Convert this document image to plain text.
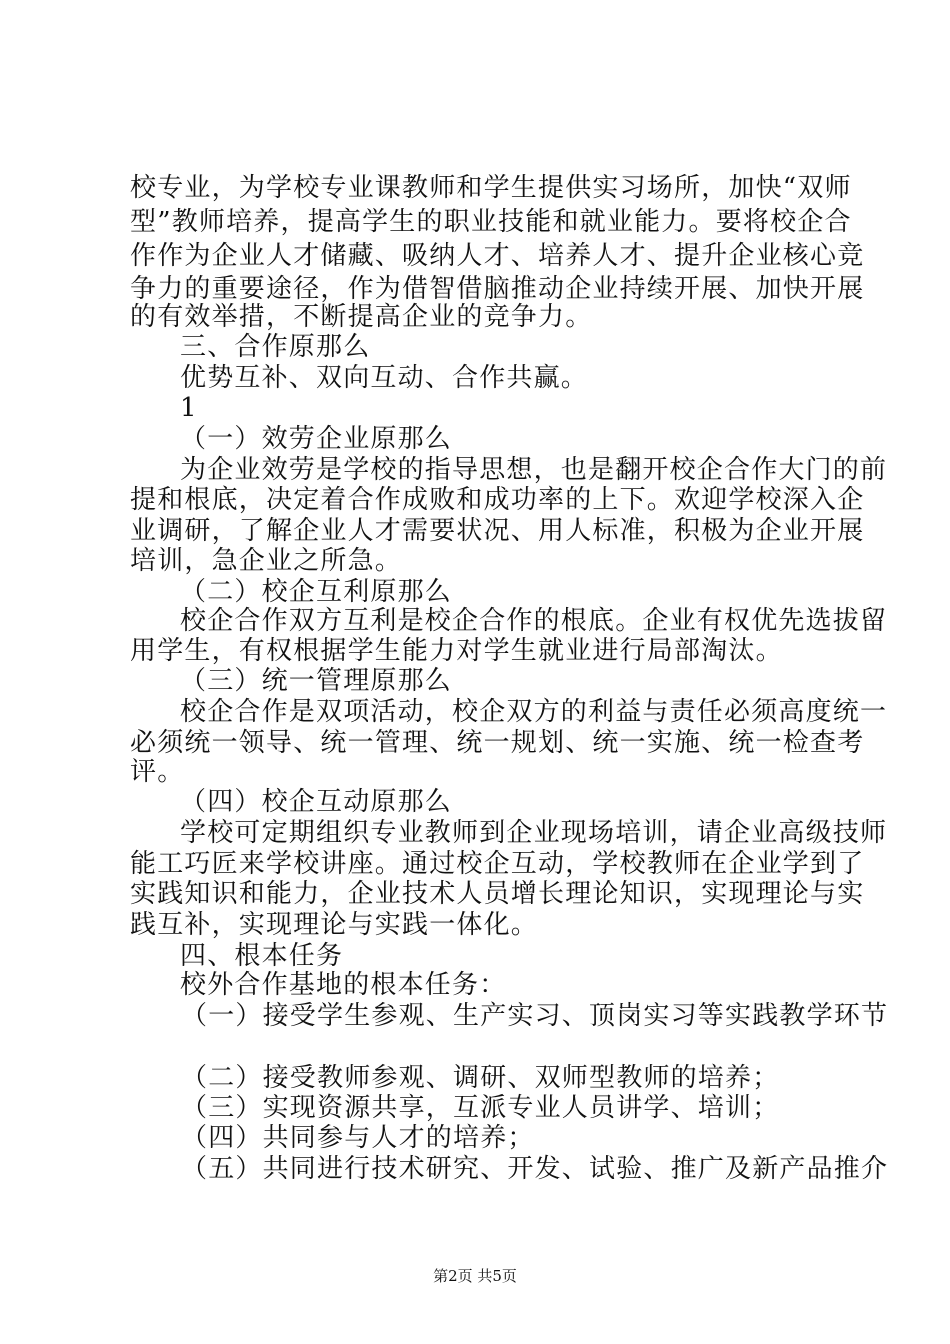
校专业，为学校专业课教师和学生提供实习场所，加快“双师
型”教师培养，提高学生的职业技能和就业能力。要将校企合
作作为企业人才储藏、吸纳人才、培养人才、提升企业核心竞
争力的重要途径，作为借智借脑推动企业持续开展、加快开展
的有效举措，不断提高企业的竞争力。
三、合作原那么
优势互补、双向互动、合作共赢。
1
（一）效劳企业原那么
为企业效劳是学校的指导思想，也是翻开校企合作大门的前
提和根底，决定着合作成败和成功率的上下。欢迎学校深入企
业调研，了解企业人才需要状况、用人标准，积极为企业开展
培训，急企业之所急。
（二）校企互利原那么
校企合作双方互利是校企合作的根底。企业有权优先选拔留
用学生，有权根据学生能力对学生就业进行局部淘汰。
（三）统一管理原那么
校企合作是双项活动，校企双方的利益与责任必须高度统一
必须统一领导、统一管理、统一规划、统一实施、统一检查考
评。
（四）校企互动原那么
学校可定期组织专业教师到企业现场培训，请企业高级技师
能工巧匠来学校讲座。通过校企互动，学校教师在企业学到了
实践知识和能力，企业技术人员增长理论知识，实现理论与实
践互补，实现理论与实践一体化。
四、根本任务
校外合作基地的根本任务：
（一）接受学生参观、生产实习、顶岗实习等实践教学环节
（二）接受教师参观、调研、双师型教师的培养；
（三）实现资源共享，互派专业人员讲学、培训；
（四）共同参与人才的培养；
（五）共同进行技术研究、开发、试验、推广及新产品推介
第2页 共5页
